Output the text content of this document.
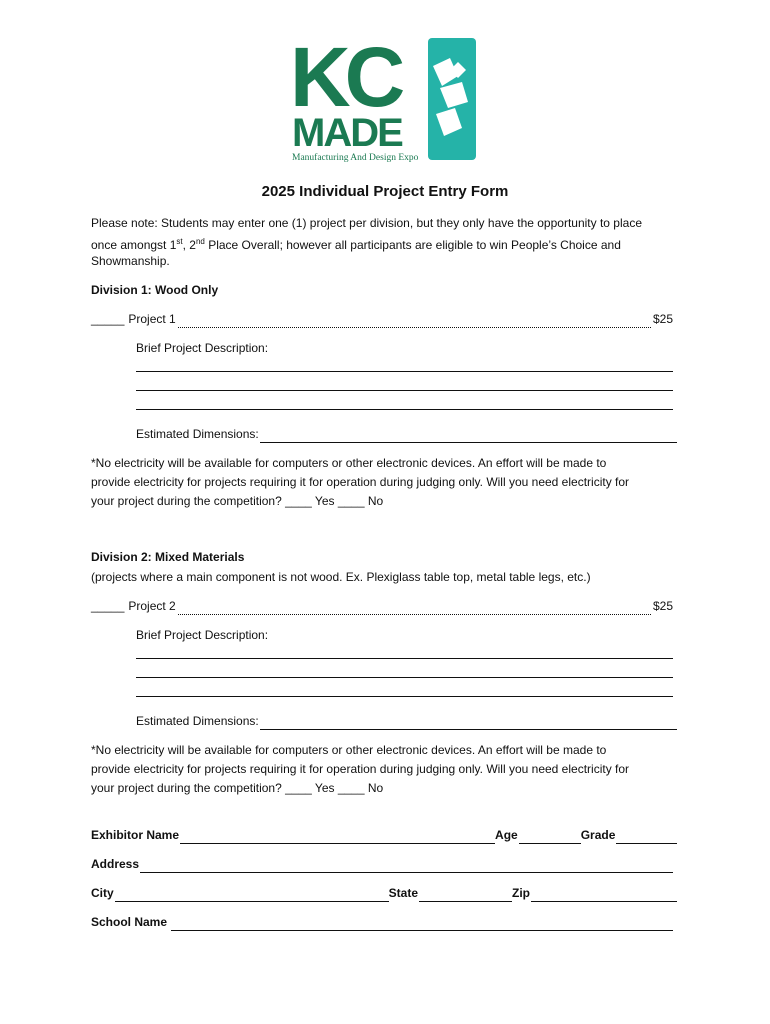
KC
MADE
Manufacturing And Design Expo
2025 Individual Project Entry Form
Please note: Students may enter one (1) project per division, but they only have the opportunity to place
once amongst 1st, 2nd Place Overall; however all participants are eligible to win People’s Choice and
Showmanship.
Division 1: Wood Only
_____ Project 1	$25
Brief Project Description:
Estimated Dimensions:
*No electricity will be available for computers or other electronic devices. An effort will be made to
provide electricity for projects requiring it for operation during judging only. Will you need electricity for
your project during the competition? ____ Yes ____ No
Division 2: Mixed Materials
(projects where a main component is not wood. Ex. Plexiglass table top, metal table legs, etc.)
_____ Project 2	$25
Brief Project Description:
Estimated Dimensions:
*No electricity will be available for computers or other electronic devices. An effort will be made to
provide electricity for projects requiring it for operation during judging only. Will you need electricity for
your project during the competition? ____ Yes ____ No
Exhibitor Name	Age	Grade
Address
City	State	Zip
School Name
